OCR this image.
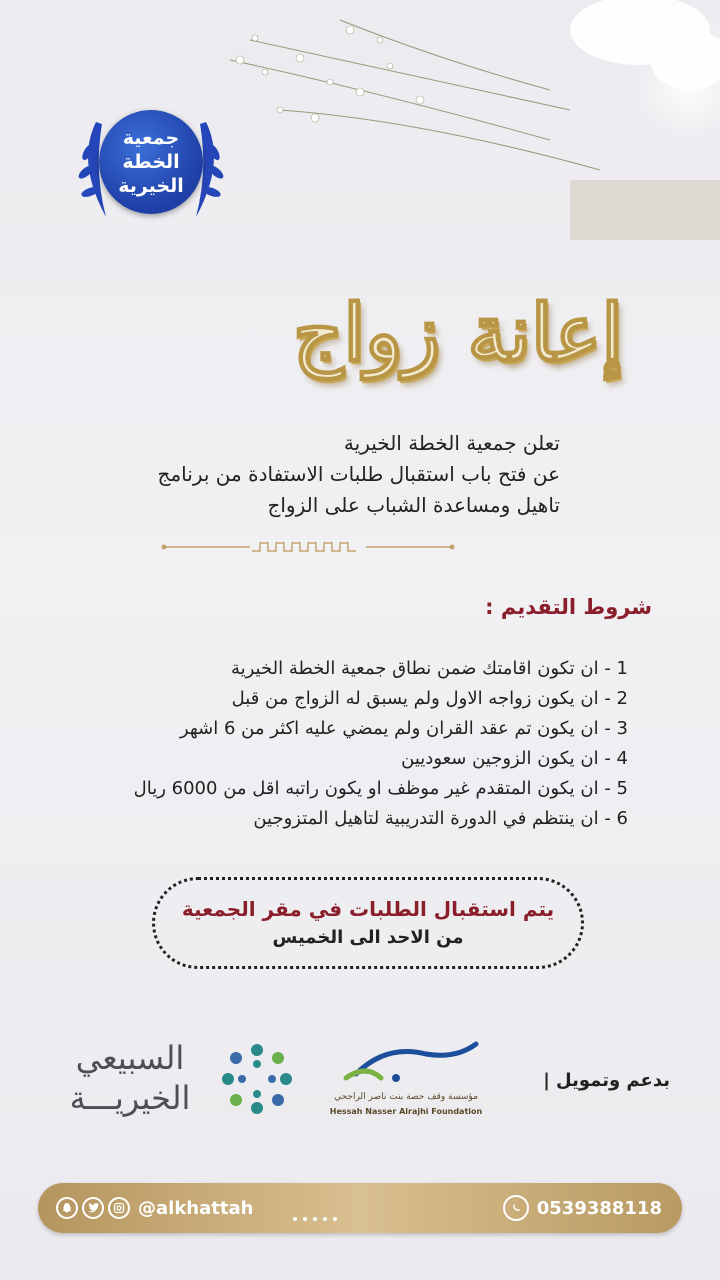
جمعية الخطة
الخيرية
إعانة زواج
تعلن جمعية الخطة الخيرية
عن فتح باب استقبال طلبات الاستفادة من برنامج
تاهيل ومساعدة الشباب على الزواج
شروط التقديم :
1 - ان تكون اقامتك ضمن نطاق جمعية الخطة الخيرية
2 - ان يكون زواجه الاول ولم يسبق له الزواج من قبل
3 - ان يكون تم عقد القران ولم يمضي عليه اكثر من 6 اشهر
4 - ان يكون الزوجين سعوديين
5 - ان يكون المتقدم غير موظف او يكون راتبه اقل من 6000 ريال
6 - ان ينتظم في الدورة التدريبية لتاهيل المتزوجين
يتم استقبال الطلبات في مقر الجمعية
من الاحد الى الخميس
بدعم وتمويل |
مؤسسة وقف حصة بنت ناصر الراجحي
Hessah Nasser Alrajhi Foundation
السبيعي
الخيريـــة
@alkhattah	0539388118
